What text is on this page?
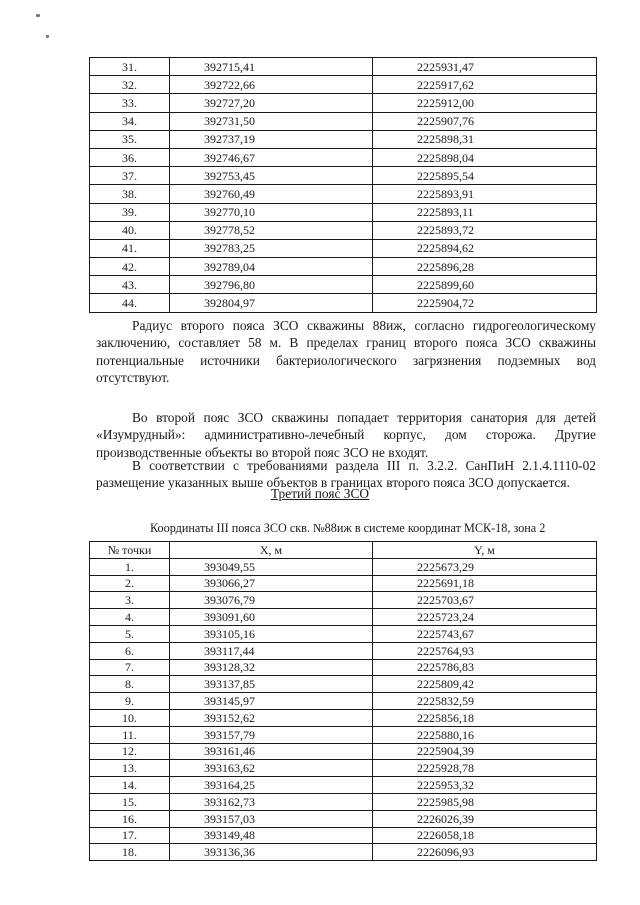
31.	392715,41	2225931,47
32.	392722,66	2225917,62
33.	392727,20	2225912,00
34.	392731,50	2225907,76
35.	392737,19	2225898,31
36.	392746,67	2225898,04
37.	392753,45	2225895,54
38.	392760,49	2225893,91
39.	392770,10	2225893,11
40.	392778,52	2225893,72
41.	392783,25	2225894,62
42.	392789,04	2225896,28
43.	392796,80	2225899,60
44.	392804,97	2225904,72

Радиус второго пояса ЗСО скважины 88иж, согласно гидрогеологическому заключению, составляет 58 м. В пределах границ второго пояса ЗСО скважины потенциальные источники бактериологического загрязнения подземных вод отсутствуют.

Во второй пояс ЗСО скважины попадает территория санатория для детей «Изумрудный»: административно-лечебный корпус, дом сторожа. Другие производственные объекты во второй пояс ЗСО не входят.

В соответствии с требованиями раздела III п. 3.2.2. СанПиН 2.1.4.1110-02 размещение указанных выше объектов в границах второго пояса ЗСО допускается.

Третий пояс ЗСО

Координаты III пояса ЗСО скв. №88иж в системе координат МСК-18, зона 2

№ точки	X, м	Y, м
1.	393049,55	2225673,29
2.	393066,27	2225691,18
3.	393076,79	2225703,67
4.	393091,60	2225723,24
5.	393105,16	2225743,67
6.	393117,44	2225764,93
7.	393128,32	2225786,83
8.	393137,85	2225809,42
9.	393145,97	2225832,59
10.	393152,62	2225856,18
11.	393157,79	2225880,16
12.	393161,46	2225904,39
13.	393163,62	2225928,78
14.	393164,25	2225953,32
15.	393162,73	2225985,98
16.	393157,03	2226026,39
17.	393149,48	2226058,18
18.	393136,36	2226096,93
